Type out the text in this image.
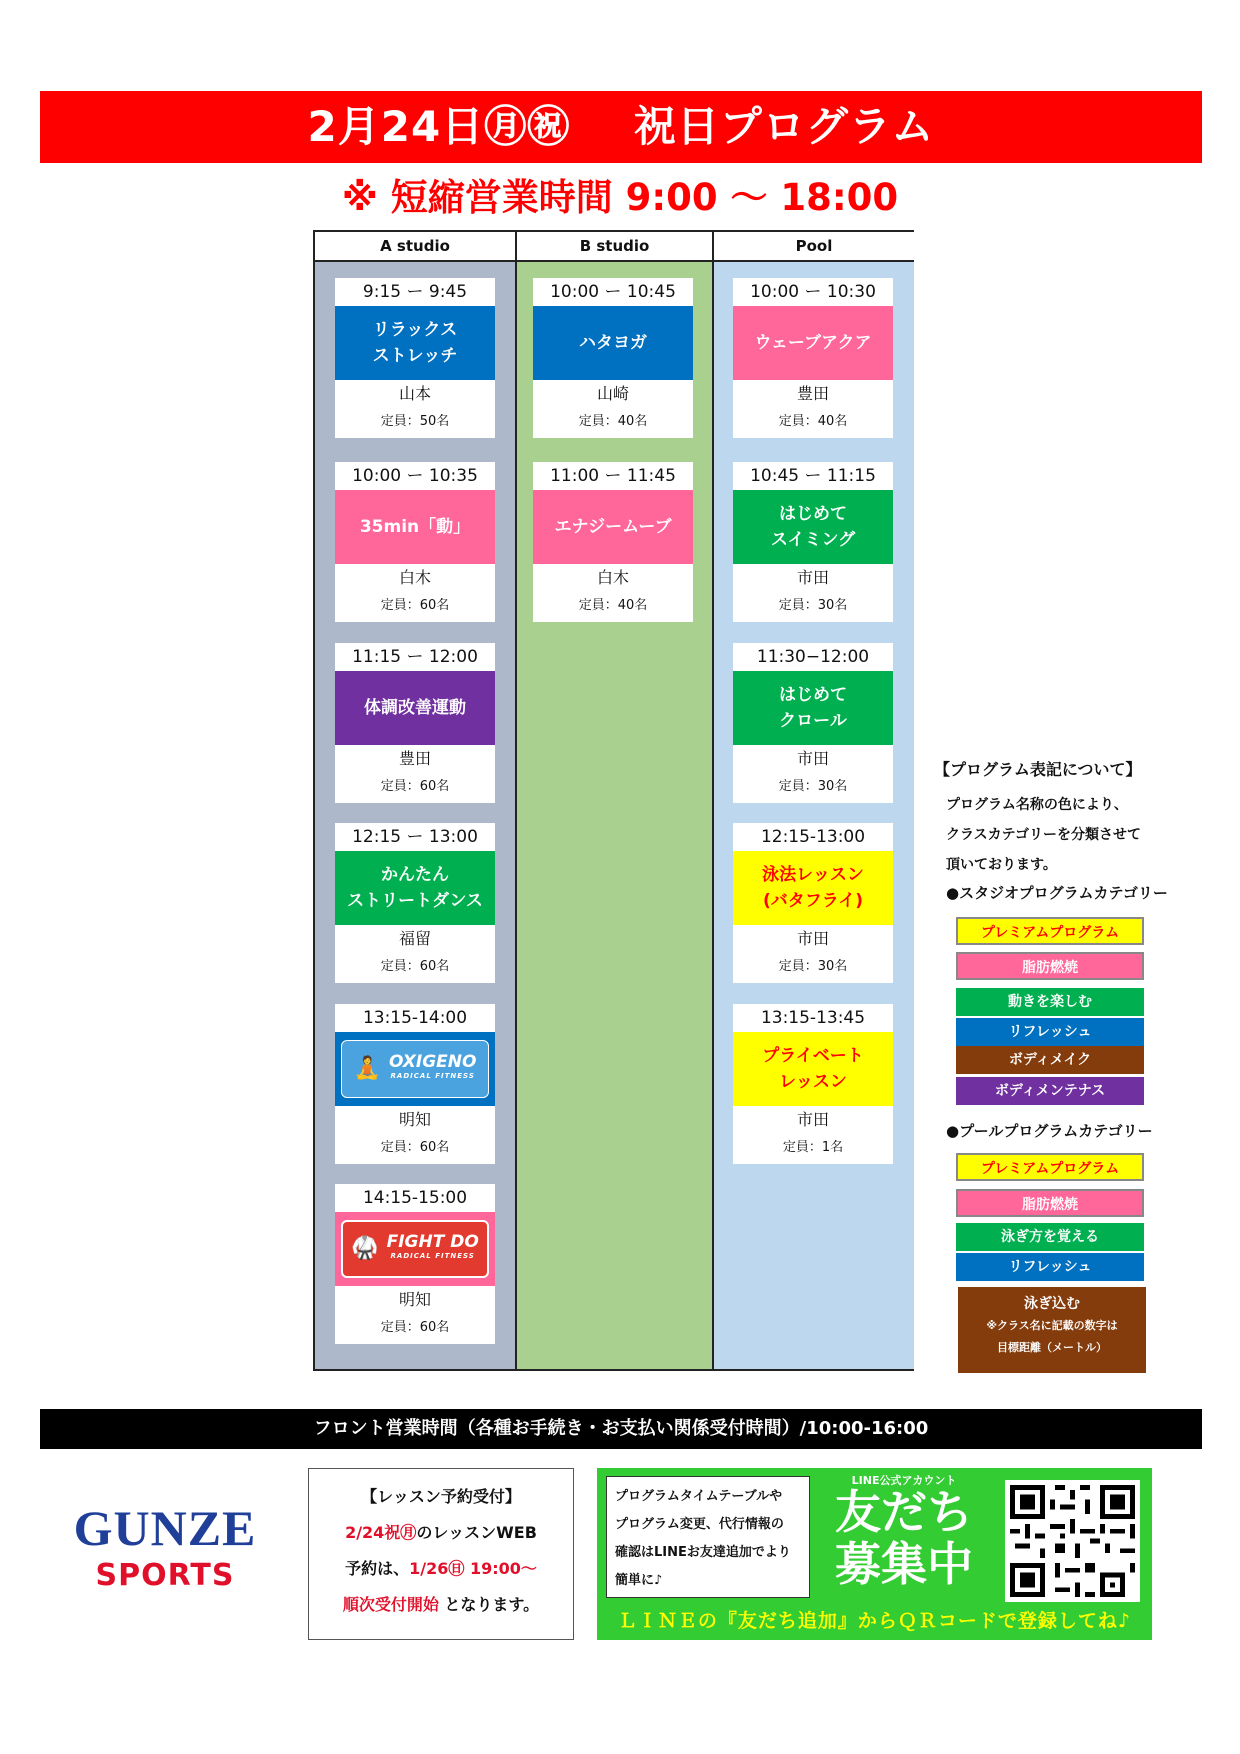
2月24日㊊㊗ 祝日プログラム
※ 短縮営業時間 9:00 〜 18:00
A studio	B studio	Pool
9:15 ー 9:45
リラックス
ストレッチ
山本
定員：50名
10:00 ー 10:35
35min「動」
白木
定員：60名
11:15 ー 12:00
体調改善運動
豊田
定員：60名
12:15 ー 13:00
かんたん
ストリートダンス
福留
定員：60名
13:15-14:00
🧘 OXIGENO
RADICAL FITNESS
明知
定員：60名
14:15-15:00
🥋 FIGHT DO
RADICAL FITNESS
明知
定員：60名
10:00 ー 10:45
ハタヨガ
山崎
定員：40名
11:00 ー 11:45
エナジームーブ
白木
定員：40名
10:00 ー 10:30
ウェーブアクア
豊田
定員：40名
10:45 ー 11:15
はじめて
スイミング
市田
定員：30名
11:30−12:00
はじめて
クロール
市田
定員：30名
12:15-13:00
泳法レッスン
(バタフライ)
市田
定員：30名
13:15-13:45
プライベート
レッスン
市田
定員：1名
【プログラム表記について】
プログラム名称の色により、
クラスカテゴリーを分類させて
頂いております。
●スタジオプログラムカテゴリー
プレミアムプログラム
脂肪燃焼
動きを楽しむ
リフレッシュ
ボディメイク
ボディメンテナス
●プールプログラムカテゴリー
プレミアムプログラム
脂肪燃焼
泳ぎ方を覚える
リフレッシュ
泳ぎ込む
※クラス名に記載の数字は
目標距離（メートル）
フロント営業時間（各種お手続き・お支払い関係受付時間）/10:00-16:00
GUNZE
SPORTS
【レッスン予約受付】
2/24祝㊊のレッスンWEB
予約は、1/26㊐ 19:00〜
順次受付開始 となります。
プログラムタイムテーブルや
プログラム変更、代行情報の
確認はLINEお友達追加でより
簡単に♪
LINE公式アカウント
友だち
募集中
ＬＩＮＥの『友だち追加』からＱＲコードで登録してね♪
